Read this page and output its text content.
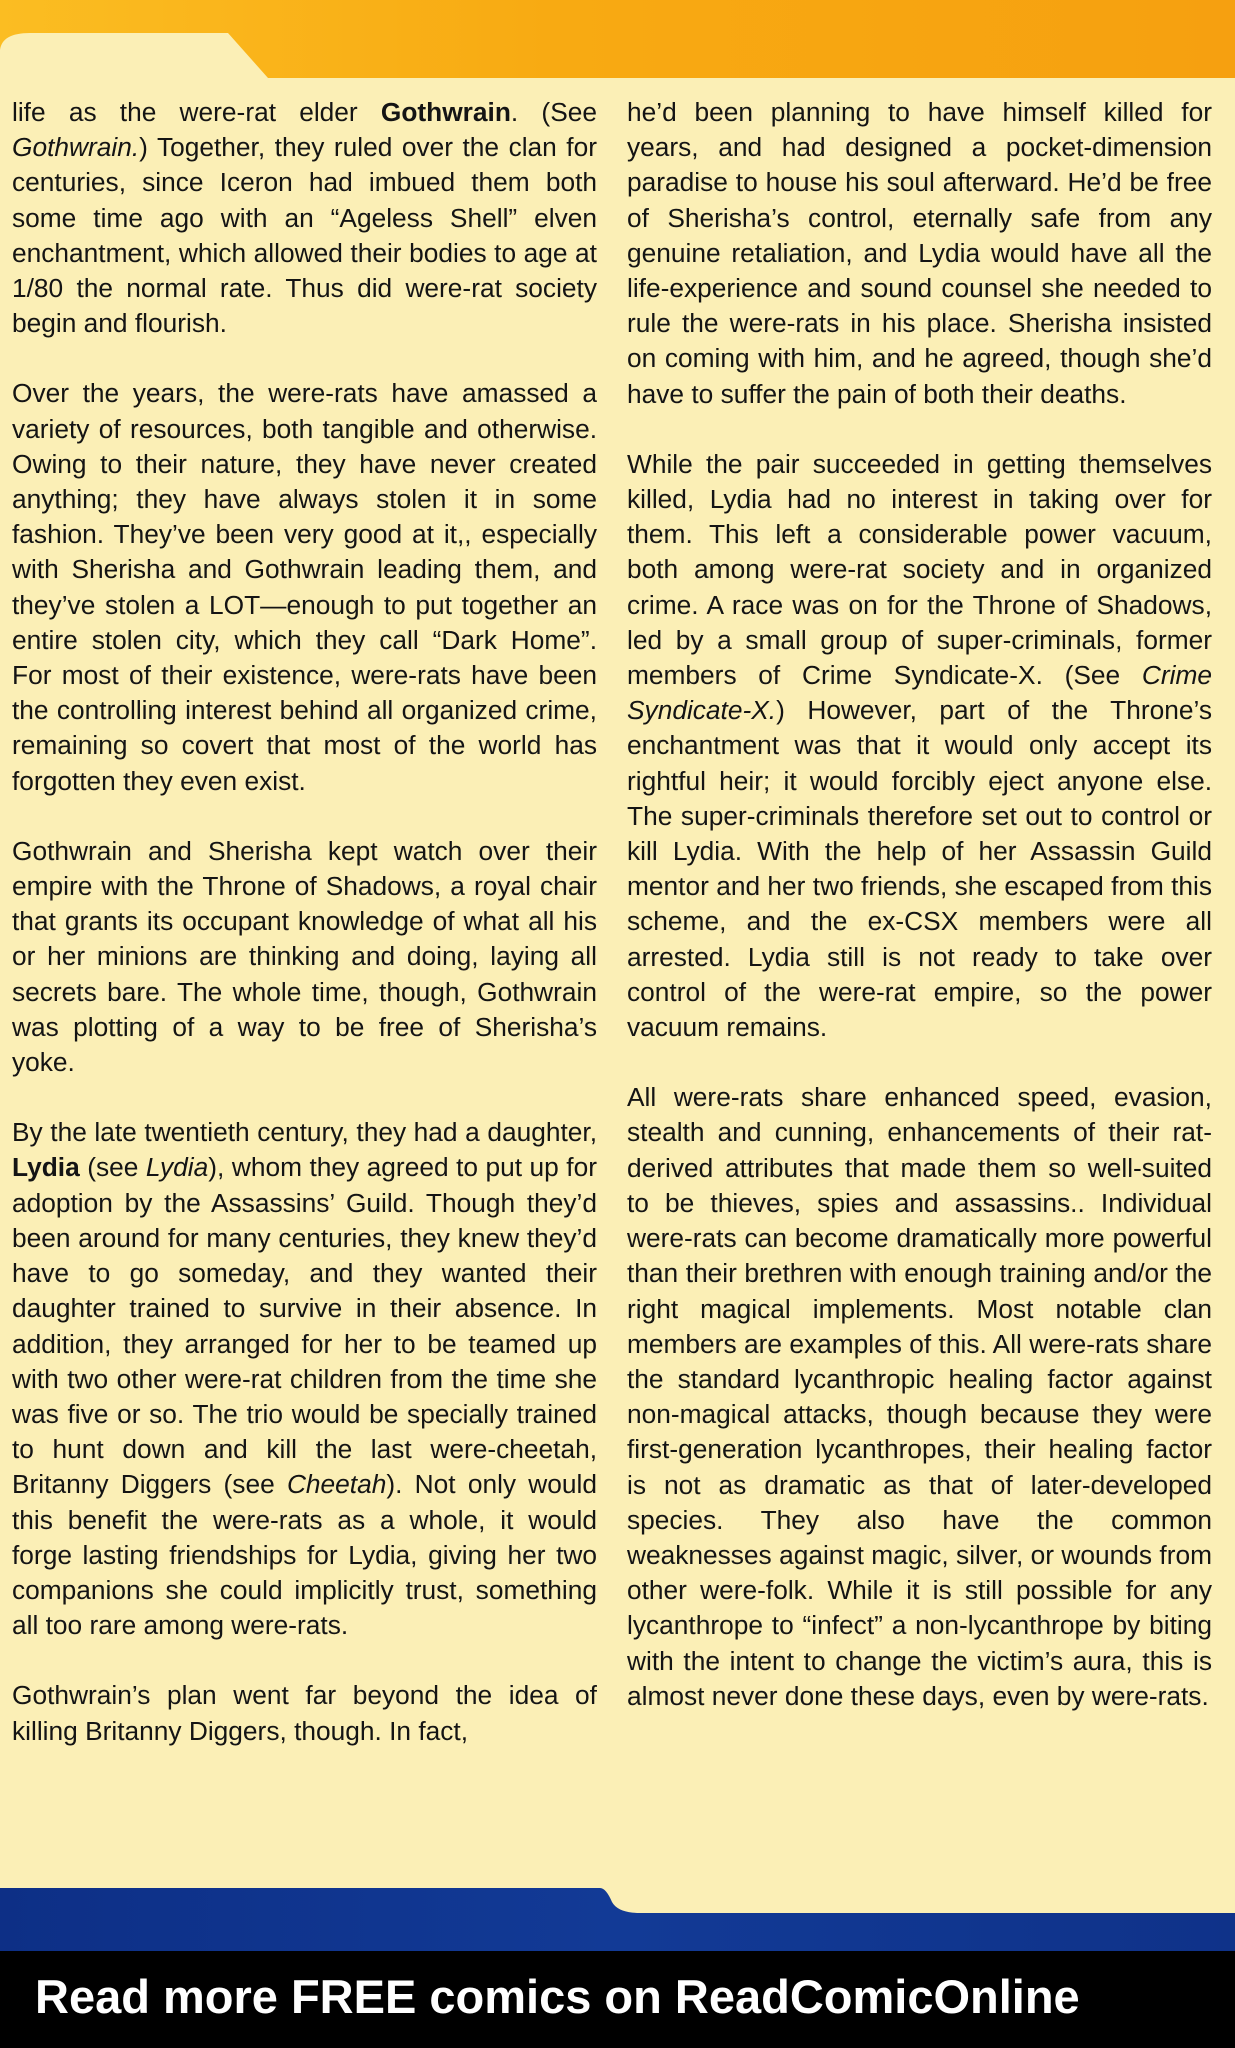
life as the were-rat elder Gothwrain. (See Gothwrain.) Together, they ruled over the clan for centuries, since Iceron had imbued them both some time ago with an “Ageless Shell” elven enchantment, which allowed their bodies to age at 1/80 the normal rate. Thus did were-rat society begin and flourish.

Over the years, the were-rats have amassed a variety of resources, both tangible and otherwise. Owing to their nature, they have never created anything; they have always stolen it in some fashion. They’ve been very good at it,, especially with Sherisha and Gothwrain leading them, and they’ve stolen a LOT—enough to put together an entire stolen city, which they call “Dark Home”. For most of their existence, were-rats have been the controlling interest behind all organized crime, remaining so covert that most of the world has forgotten they even exist.

Gothwrain and Sherisha kept watch over their empire with the Throne of Shadows, a royal chair that grants its occupant knowledge of what all his or her minions are thinking and doing, laying all secrets bare. The whole time, though, Gothwrain was plotting of a way to be free of Sherisha’s yoke.

By the late twentieth century, they had a daughter, Lydia (see Lydia), whom they agreed to put up for adoption by the Assassins’ Guild. Though they’d been around for many centuries, they knew they’d have to go someday, and they wanted their daughter trained to survive in their absence. In addition, they arranged for her to be teamed up with two other were-rat children from the time she was five or so. The trio would be specially trained to hunt down and kill the last were-cheetah, Britanny Diggers (see Cheetah). Not only would this benefit the were-rats as a whole, it would forge lasting friendships for Lydia, giving her two companions she could implicitly trust, something all too rare among were-rats.

Gothwrain’s plan went far beyond the idea of killing Britanny Diggers, though. In fact,

he’d been planning to have himself killed for years, and had designed a pocket-dimension paradise to house his soul afterward. He’d be free of Sherisha’s control, eternally safe from any genuine retaliation, and Lydia would have all the life-experience and sound counsel she needed to rule the were-rats in his place. Sherisha insisted on coming with him, and he agreed, though she’d have to suffer the pain of both their deaths.

While the pair succeeded in getting themselves killed, Lydia had no interest in taking over for them. This left a considerable power vacuum, both among were-rat society and in organized crime. A race was on for the Throne of Shadows, led by a small group of super-criminals, former members of Crime Syndicate-X. (See Crime Syndicate-X.) However, part of the Throne’s enchantment was that it would only accept its rightful heir; it would forcibly eject anyone else. The super-criminals therefore set out to control or kill Lydia. With the help of her Assassin Guild mentor and her two friends, she escaped from this scheme, and the ex-CSX members were all arrested. Lydia still is not ready to take over control of the were-rat empire, so the power vacuum remains.

All were-rats share enhanced speed, evasion, stealth and cunning, enhancements of their rat-derived attributes that made them so well-suited to be thieves, spies and assassins.. Individual were-rats can become dramatically more powerful than their brethren with enough training and/or the right magical implements. Most notable clan members are examples of this. All were-rats share the standard lycanthropic healing factor against non-magical attacks, though because they were first-generation lycanthropes, their healing factor is not as dramatic as that of later-developed species. They also have the common weaknesses against magic, silver, or wounds from other were-folk. While it is still possible for any lycanthrope to “infect” a non-lycanthrope by biting with the intent to change the victim’s aura, this is almost never done these days, even by were-rats.

Read more FREE comics on ReadComicOnline
